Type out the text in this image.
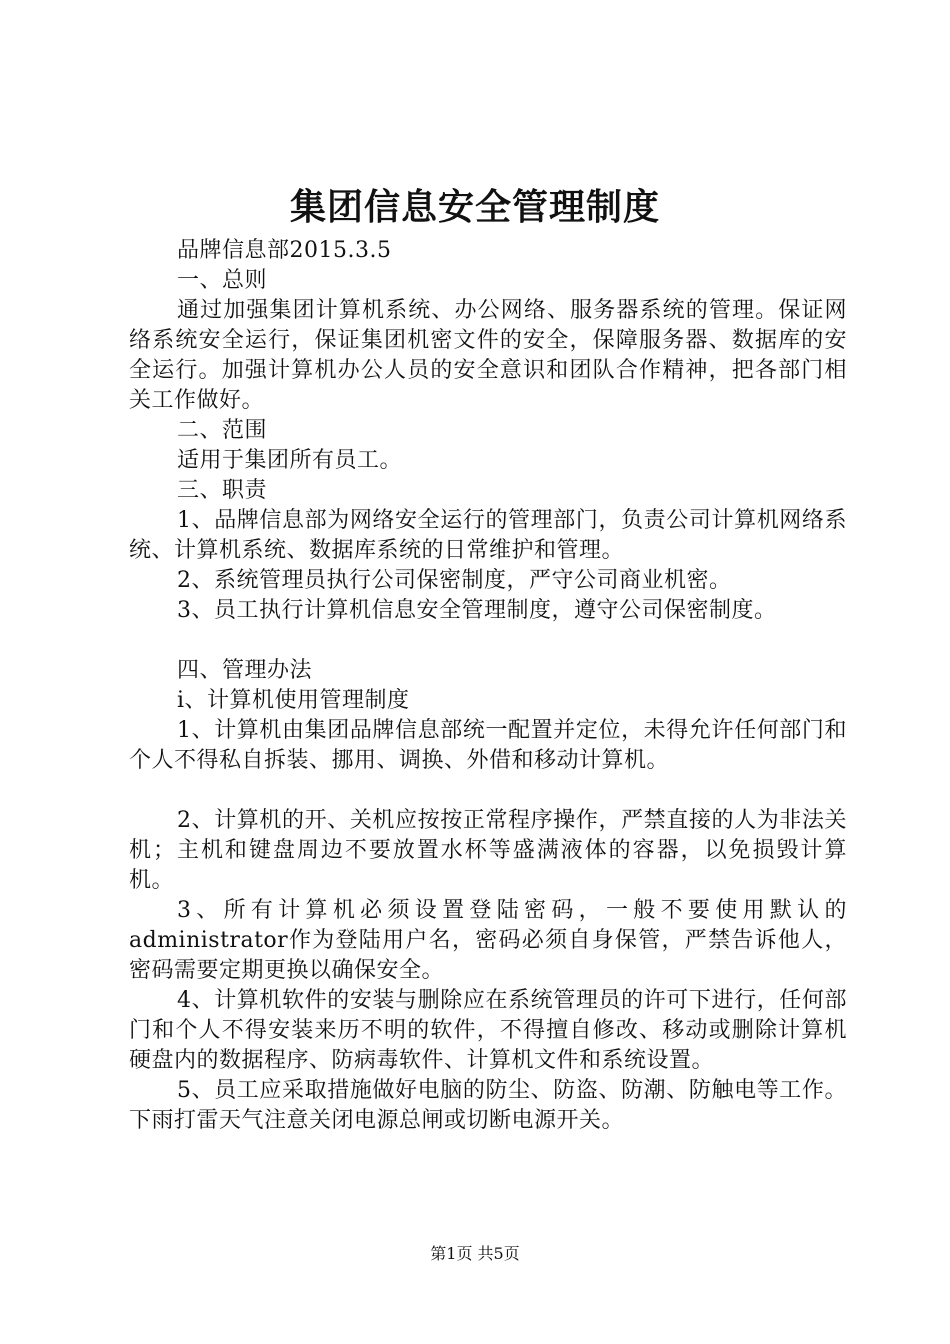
集团信息安全管理制度

品牌信息部2015.3.5

一、总则

通过加强集团计算机系统、办公网络、服务器系统的管理。保证网络系统安全运行，保证集团机密文件的安全，保障服务器、数据库的安全运行。加强计算机办公人员的安全意识和团队合作精神，把各部门相关工作做好。

二、范围

适用于集团所有员工。

三、职责

1、品牌信息部为网络安全运行的管理部门，负责公司计算机网络系统、计算机系统、数据库系统的日常维护和管理。

2、系统管理员执行公司保密制度，严守公司商业机密。

3、员工执行计算机信息安全管理制度，遵守公司保密制度。

四、管理办法

i、计算机使用管理制度

1、计算机由集团品牌信息部统一配置并定位，未得允许任何部门和个人不得私自拆装、挪用、调换、外借和移动计算机。

2、计算机的开、关机应按按正常程序操作，严禁直接的人为非法关机；主机和键盘周边不要放置水杯等盛满液体的容器，以免损毁计算机。

3、所有计算机必须设置登陆密码，一般不要使用默认的administrator作为登陆用户名，密码必须自身保管，严禁告诉他人，密码需要定期更换以确保安全。

4、计算机软件的安装与删除应在系统管理员的许可下进行，任何部门和个人不得安装来历不明的软件，不得擅自修改、移动或删除计算机硬盘内的数据程序、防病毒软件、计算机文件和系统设置。

5、员工应采取措施做好电脑的防尘、防盗、防潮、防触电等工作。下雨打雷天气注意关闭电源总闸或切断电源开关。

第1页 共5页
